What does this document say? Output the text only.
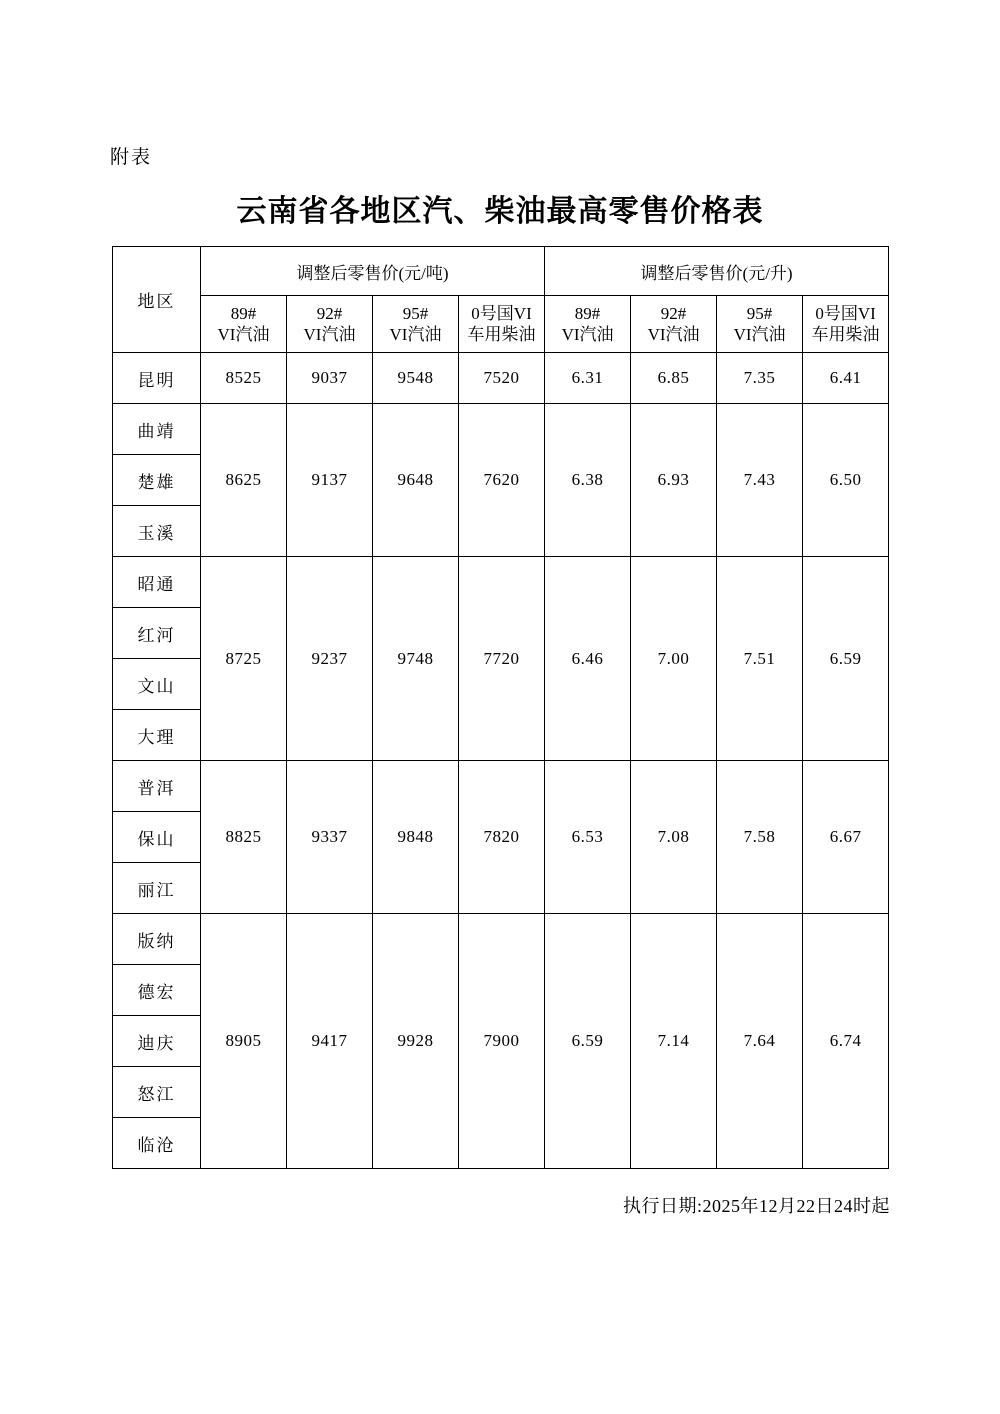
附表
云南省各地区汽、柴油最高零售价格表
地区	调整后零售价(元/吨)				调整后零售价(元/升)			

89#
VI汽油

92#
VI汽油

95#
VI汽油

0号国VI
车用柴油

89#
VI汽油

92#
VI汽油

95#
VI汽油

0号国VI
车用柴油

昆明	8525	9037	9548	7520	6.31	6.85	7.35	6.41
曲靖	8625	9137	9648	7620	6.38	6.93	7.43	6.50
楚雄								
玉溪								
昭通	8725	9237	9748	7720	6.46	7.00	7.51	6.59
红河								
文山								
大理								
普洱	8825	9337	9848	7820	6.53	7.08	7.58	6.67
保山								
丽江								
版纳	8905	9417	9928	7900	6.59	7.14	7.64	6.74
德宏								
迪庆								
怒江								
临沧								
执行日期:2025年12月22日24时起
